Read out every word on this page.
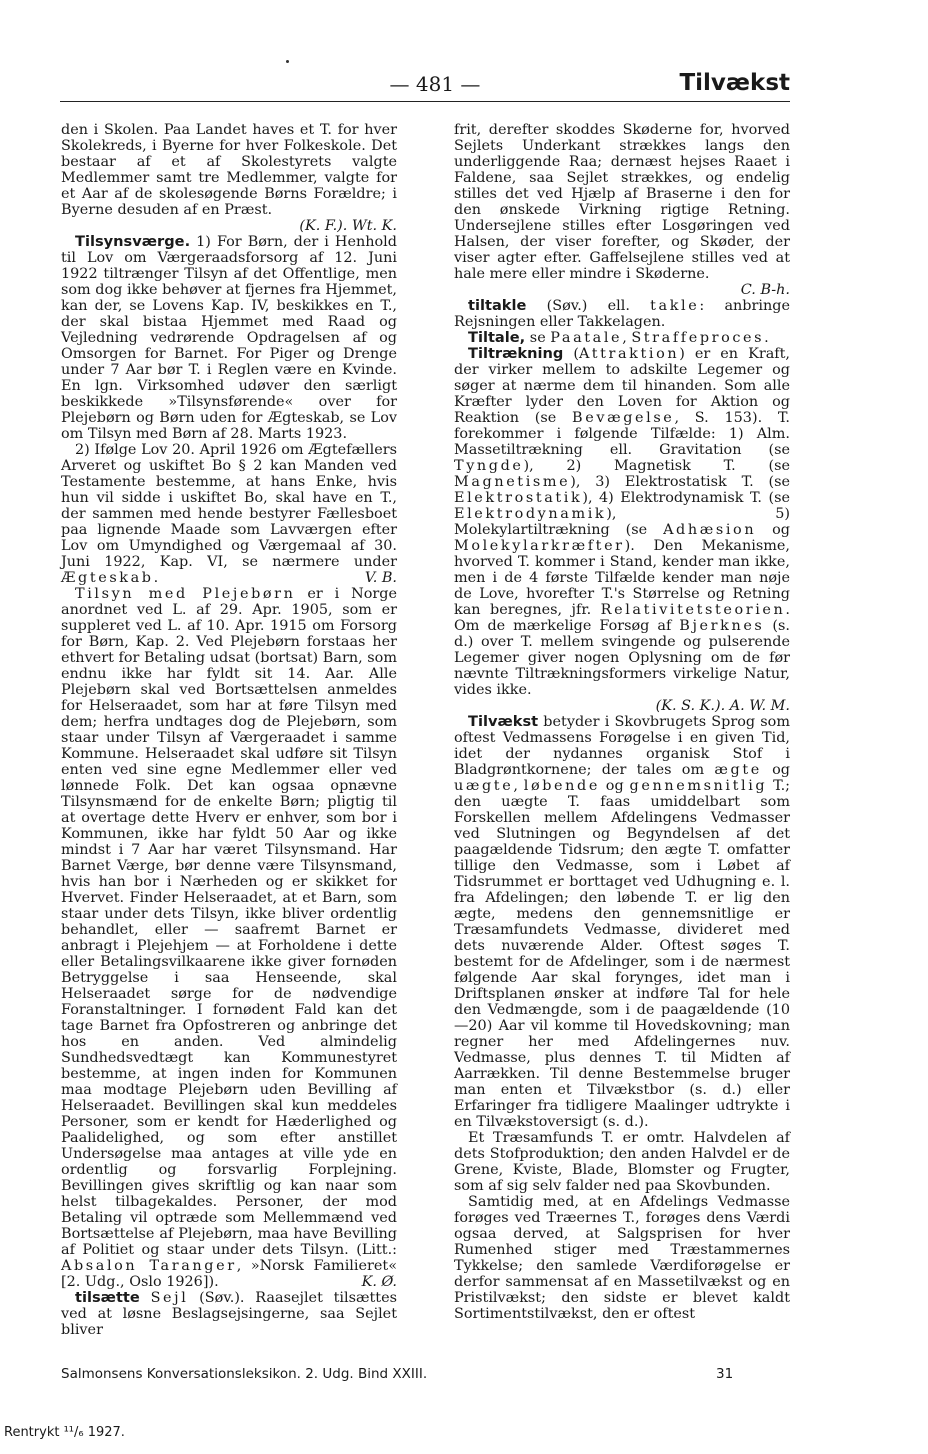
— 481 —	Tilvækst

den i Skolen. Paa Landet haves et T. for hver Skolekreds, i Byerne for hver Folkeskole. Det bestaar af et af Skolestyrets valgte Medlemmer samt tre Medlemmer, valgte for et Aar af de skolesøgende Børns Forældre; i Byerne desuden af en Præst.

(K. F.). Wt. K.

Tilsynsværge. 1) For Børn, der i Henhold til Lov om Værgeraadsforsorg af 12. Juni 1922 tiltrænger Tilsyn af det Offentlige, men som dog ikke behøver at fjernes fra Hjemmet, kan der, se Lovens Kap. IV, beskikkes en T., der skal bistaa Hjemmet med Raad og Vejledning vedrørende Opdragelsen af og Omsorgen for Barnet. For Piger og Drenge under 7 Aar bør T. i Reglen være en Kvinde. En lgn. Virksomhed udøver den særligt beskikkede »Tilsynsførende« over for Plejebørn og Børn uden for Ægteskab, se Lov om Tilsyn med Børn af 28. Marts 1923.

2) Ifølge Lov 20. April 1926 om Ægtefællers Arveret og uskiftet Bo § 2 kan Manden ved Testamente bestemme, at hans Enke, hvis hun vil sidde i uskiftet Bo, skal have en T., der sammen med hende bestyrer Fællesboet paa lignende Maade som Lavværgen efter Lov om Umyndighed og Værgemaal af 30. Juni 1922, Kap. VI, se nærmere under Ægteskab.	V. B.

Tilsyn med Plejebørn er i Norge anordnet ved L. af 29. Apr. 1905, som er suppleret ved L. af 10. Apr. 1915 om Forsorg for Børn, Kap. 2. Ved Plejebørn forstaas her ethvert for Betaling udsat (bortsat) Barn, som endnu ikke har fyldt sit 14. Aar. Alle Plejebørn skal ved Bortsættelsen anmeldes for Helseraadet, som har at føre Tilsyn med dem; herfra undtages dog de Plejebørn, som staar under Tilsyn af Værgeraadet i samme Kommune. Helseraadet skal udføre sit Tilsyn enten ved sine egne Medlemmer eller ved lønnede Folk. Det kan ogsaa opnævne Tilsynsmænd for de enkelte Børn; pligtig til at overtage dette Hverv er enhver, som bor i Kommunen, ikke har fyldt 50 Aar og ikke mindst i 7 Aar har været Tilsynsmand. Har Barnet Værge, bør denne være Tilsynsmand, hvis han bor i Nærheden og er skikket for Hvervet. Finder Helseraadet, at et Barn, som staar under dets Tilsyn, ikke bliver ordentlig behandlet, eller — saafremt Barnet er anbragt i Plejehjem — at Forholdene i dette eller Betalingsvilkaarene ikke giver fornøden Betryggelse i saa Henseende, skal Helseraadet sørge for de nødvendige Foranstaltninger. I fornødent Fald kan det tage Barnet fra Opfostreren og anbringe det hos en anden. Ved almindelig Sundhedsvedtægt kan Kommunestyret bestemme, at ingen inden for Kommunen maa modtage Plejebørn uden Bevilling af Helseraadet. Bevillingen skal kun meddeles Personer, som er kendt for Hæderlighed og Paalidelighed, og som efter anstillet Undersøgelse maa antages at ville yde en ordentlig og forsvarlig Forplejning. Bevillingen gives skriftlig og kan naar som helst tilbagekaldes. Personer, der mod Betaling vil optræde som Mellemmænd ved Bortsættelse af Plejebørn, maa have Bevilling af Politiet og staar under dets Tilsyn. (Litt.: Absalon Taranger, »Norsk Familieret« [2. Udg., Oslo 1926]).	K. Ø.

tilsætte Sejl (Søv.). Raasejlet tilsættes ved at løsne Beslagsejsingerne, saa Sejlet bliver

frit, derefter skoddes Skøderne for, hvorved Sejlets Underkant strækkes langs den underliggende Raa; dernæst hejses Raaet i Faldene, saa Sejlet strækkes, og endelig stilles det ved Hjælp af Braserne i den for den ønskede Virkning rigtige Retning. Undersejlene stilles efter Losgøringen ved Halsen, der viser forefter, og Skøder, der viser agter efter. Gaffelsejlene stilles ved at hale mere eller mindre i Skøderne.

C. B-h.

tiltakle (Søv.) ell. takle: anbringe Rejsningen eller Takkelagen.

Tiltale, se Paatale, Straffeproces.

Tiltrækning (Attraktion) er en Kraft, der virker mellem to adskilte Legemer og søger at nærme dem til hinanden. Som alle Kræfter lyder den Loven for Aktion og Reaktion (se Bevægelse, S. 153). T. forekommer i følgende Tilfælde: 1) Alm. Massetiltrækning ell. Gravitation (se Tyngde), 2) Magnetisk T. (se Magnetisme), 3) Elektrostatisk T. (se Elektrostatik), 4) Elektrodynamisk T. (se Elektrodynamik), 5) Molekylartiltrækning (se Adhæsion og Molekylarkræfter). Den Mekanisme, hvorved T. kommer i Stand, kender man ikke, men i de 4 første Tilfælde kender man nøje de Love, hvorefter T.'s Størrelse og Retning kan beregnes, jfr. Relativitetsteorien. Om de mærkelige Forsøg af Bjerknes (s. d.) over T. mellem svingende og pulserende Legemer giver nogen Oplysning om de før nævnte Tiltrækningsformers virkelige Natur, vides ikke.

(K. S. K.). A. W. M.

Tilvækst betyder i Skovbrugets Sprog som oftest Vedmassens Forøgelse i en given Tid, idet der nydannes organisk Stof i Bladgrøntkornene; der tales om ægte og uægte, løbende og gennemsnitlig T.; den uægte T. faas umiddelbart som Forskellen mellem Afdelingens Vedmasser ved Slutningen og Begyndelsen af det paagældende Tidsrum; den ægte T. omfatter tillige den Vedmasse, som i Løbet af Tidsrummet er borttaget ved Udhugning e. l. fra Afdelingen; den løbende T. er lig den ægte, medens den gennemsnitlige er Træsamfundets Vedmasse, divideret med dets nuværende Alder. Oftest søges T. bestemt for de Afdelinger, som i de nærmest følgende Aar skal forynges, idet man i Driftsplanen ønsker at indføre Tal for hele den Vedmængde, som i de paagældende (10—20) Aar vil komme til Hovedskovning; man regner her med Afdelingernes nuv. Vedmasse, plus dennes T. til Midten af Aarrækken. Til denne Bestemmelse bruger man enten et Tilvækstbor (s. d.) eller Erfaringer fra tidligere Maalinger udtrykte i en Tilvækstoversigt (s. d.).

Et Træsamfunds T. er omtr. Halvdelen af dets Stofproduktion; den anden Halvdel er de Grene, Kviste, Blade, Blomster og Frugter, som af sig selv falder ned paa Skovbunden.

Samtidig med, at en Afdelings Vedmasse forøges ved Træernes T., forøges dens Værdi ogsaa derved, at Salgsprisen for hver Rumenhed stiger med Træstammernes Tykkelse; den samlede Værdiforøgelse er derfor sammensat af en Massetilvækst og en Pristilvækst; den sidste er blevet kaldt Sortimentstilvækst, den er oftest

Salmonsens Konversationsleksikon. 2. Udg. Bind XXIII.	31
Rentrykt ¹¹/₆ 1927.
